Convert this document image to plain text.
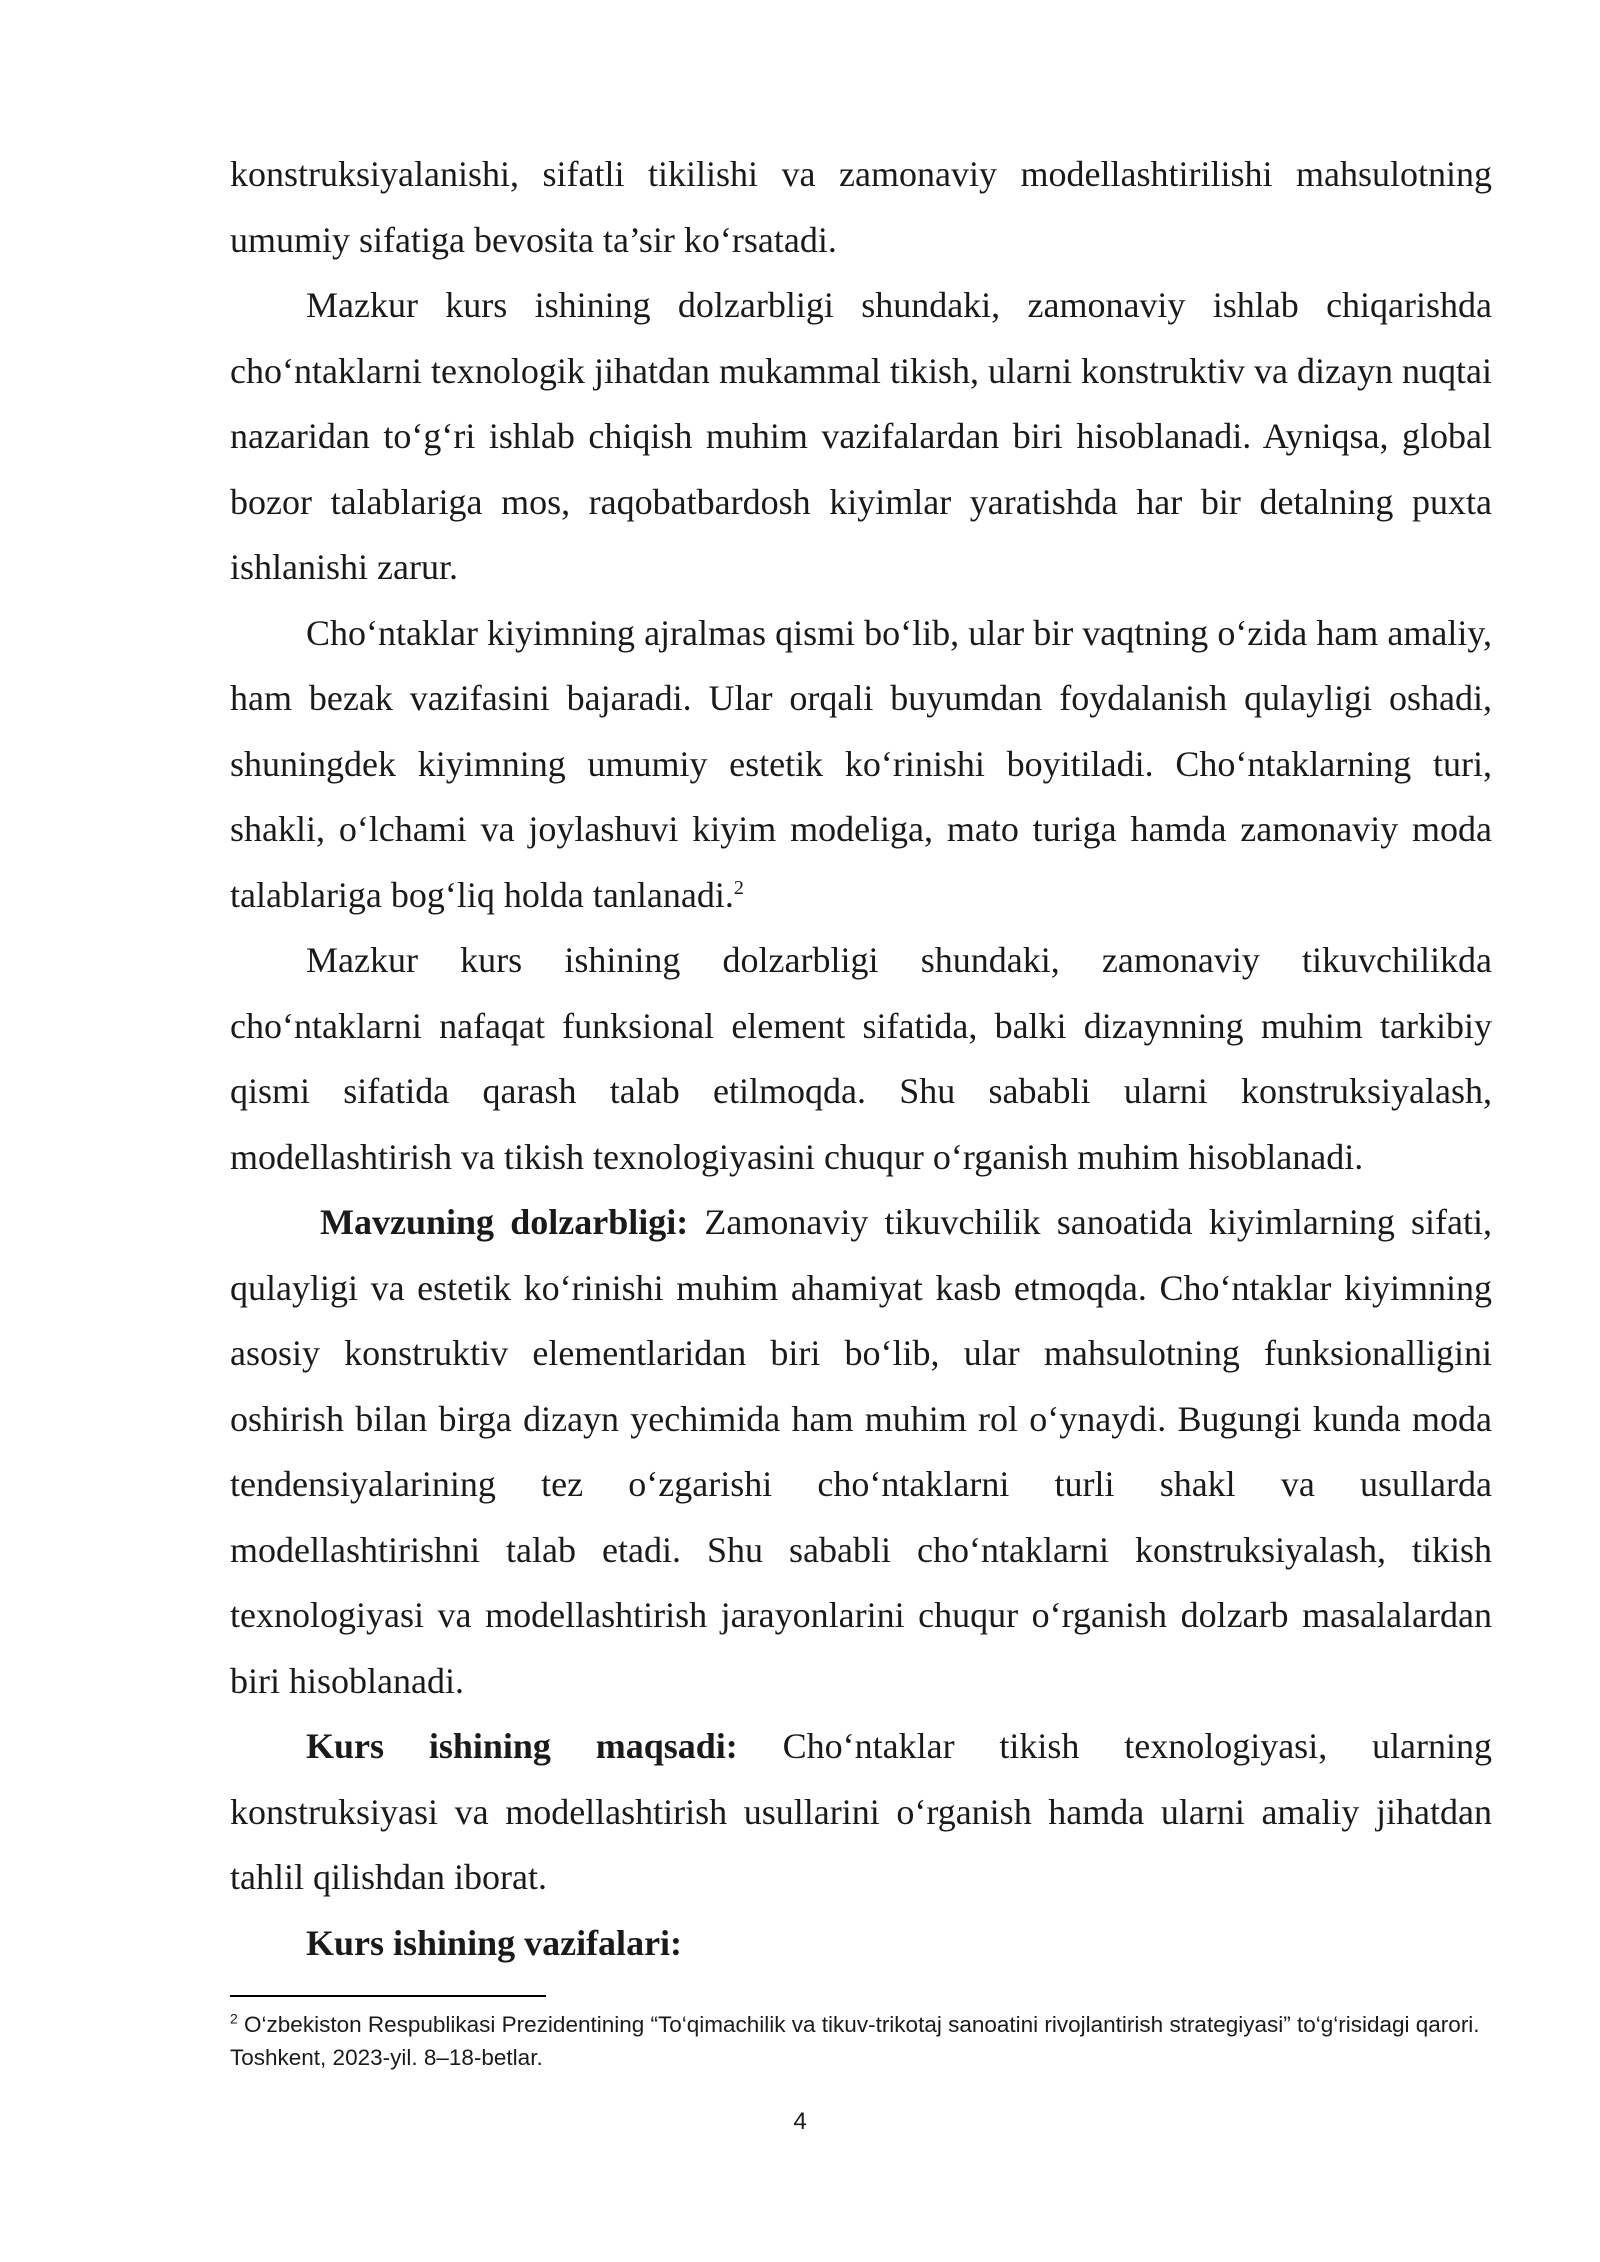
konstruksiyalanishi, sifatli tikilishi va zamonaviy modellashtirilishi mahsulotning umumiy sifatiga bevosita ta’sir ko‘rsatadi.

Mazkur kurs ishining dolzarbligi shundaki, zamonaviy ishlab chiqarishda cho‘ntaklarni texnologik jihatdan mukammal tikish, ularni konstruktiv va dizayn nuqtai nazaridan to‘g‘ri ishlab chiqish muhim vazifalardan biri hisoblanadi. Ayniqsa, global bozor talablariga mos, raqobatbardosh kiyimlar yaratishda har bir detalning puxta ishlanishi zarur.

Cho‘ntaklar kiyimning ajralmas qismi bo‘lib, ular bir vaqtning o‘zida ham amaliy, ham bezak vazifasini bajaradi. Ular orqali buyumdan foydalanish qulayligi oshadi, shuningdek kiyimning umumiy estetik ko‘rinishi boyitiladi. Cho‘ntaklarning turi, shakli, o‘lchami va joylashuvi kiyim modeliga, mato turiga hamda zamonaviy moda talablariga bog‘liq holda tanlanadi.$^2$

Mazkur kurs ishining dolzarbligi shundaki, zamonaviy tikuvchilikda cho‘ntaklarni nafaqat funksional element sifatida, balki dizaynning muhim tarkibiy qismi sifatida qarash talab etilmoqda. Shu sababli ularni konstruksiyalash, modellashtirish va tikish texnologiyasini chuqur o‘rganish muhim hisoblanadi.

Mavzuning dolzarbligi: Zamonaviy tikuvchilik sanoatida kiyimlarning sifati, qulayligi va estetik ko‘rinishi muhim ahamiyat kasb etmoqda. Cho‘ntaklar kiyimning asosiy konstruktiv elementlaridan biri bo‘lib, ular mahsulotning funksionalligini oshirish bilan birga dizayn yechimida ham muhim rol o‘ynaydi. Bugungi kunda moda tendensiyalarining tez o‘zgarishi cho‘ntaklarni turli shakl va usullarda modellashtirishni talab etadi. Shu sababli cho‘ntaklarni konstruksiyalash, tikish texnologiyasi va modellashtirish jarayonlarini chuqur o‘rganish dolzarb masalalardan biri hisoblanadi.

Kurs ishining maqsadi: Cho‘ntaklar tikish texnologiyasi, ularning konstruksiyasi va modellashtirish usullarini o‘rganish hamda ularni amaliy jihatdan tahlil qilishdan iborat.

Kurs ishining vazifalari:

$^2$ O‘zbekiston Respublikasi Prezidentining “To‘qimachilik va tikuv-trikotaj sanoatini rivojlantirish strategiyasi” to‘g‘risidagi qarori. Toshkent, 2023-yil. 8–18-betlar.

4
